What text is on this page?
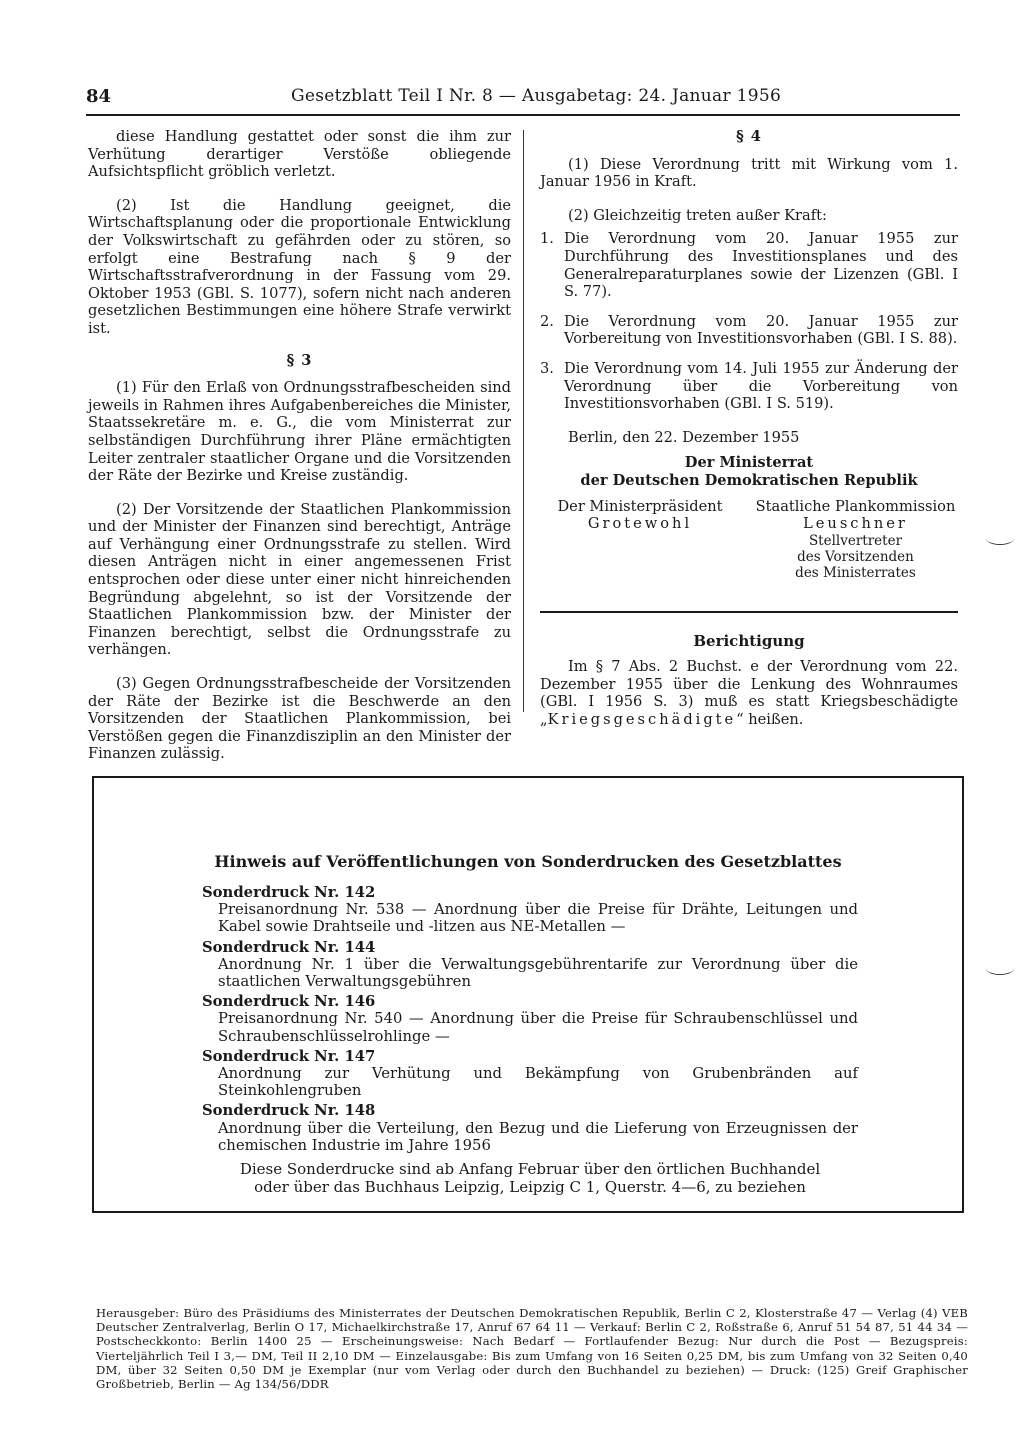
84	Gesetzblatt Teil I Nr. 8 — Ausgabetag: 24. Januar 1956

diese Handlung gestattet oder sonst die ihm zur Verhütung derartiger Verstöße obliegende Aufsichtspflicht gröblich verletzt.

(2) Ist die Handlung geeignet, die Wirtschaftsplanung oder die proportionale Entwicklung der Volkswirtschaft zu gefährden oder zu stören, so erfolgt eine Bestrafung nach § 9 der Wirtschaftsstrafverordnung in der Fassung vom 29. Oktober 1953 (GBl. S. 1077), sofern nicht nach anderen gesetzlichen Bestimmungen eine höhere Strafe verwirkt ist.

§ 3

(1) Für den Erlaß von Ordnungsstrafbescheiden sind jeweils in Rahmen ihres Aufgabenbereiches die Minister, Staatssekretäre m. e. G., die vom Ministerrat zur selbständigen Durchführung ihrer Pläne ermächtigten Leiter zentraler staatlicher Organe und die Vorsitzenden der Räte der Bezirke und Kreise zuständig.

(2) Der Vorsitzende der Staatlichen Plankommission und der Minister der Finanzen sind berechtigt, Anträge auf Verhängung einer Ordnungsstrafe zu stellen. Wird diesen Anträgen nicht in einer angemessenen Frist entsprochen oder diese unter einer nicht hinreichenden Begründung abgelehnt, so ist der Vorsitzende der Staatlichen Plankommission bzw. der Minister der Finanzen berechtigt, selbst die Ordnungsstrafe zu verhängen.

(3) Gegen Ordnungsstrafbescheide der Vorsitzenden der Räte der Bezirke ist die Beschwerde an den Vorsitzenden der Staatlichen Plankommission, bei Verstößen gegen die Finanzdisziplin an den Minister der Finanzen zulässig.

§ 4

(1) Diese Verordnung tritt mit Wirkung vom 1. Januar 1956 in Kraft.

(2) Gleichzeitig treten außer Kraft:

1. Die Verordnung vom 20. Januar 1955 zur Durchführung des Investitionsplanes und des Generalreparaturplanes sowie der Lizenzen (GBl. I S. 77).
2. Die Verordnung vom 20. Januar 1955 zur Vorbereitung von Investitionsvorhaben (GBl. I S. 88).
3. Die Verordnung vom 14. Juli 1955 zur Änderung der Verordnung über die Vorbereitung von Investitionsvorhaben (GBl. I S. 519).

Berlin, den 22. Dezember 1955

Der Ministerrat

der Deutschen Demokratischen Republik

Der Ministerpräsident
Grotewohl
Staatliche Plankommission
Leuschner
Stellvertreter
des Vorsitzenden
des Ministerrates

Berichtigung

Im § 7 Abs. 2 Buchst. e der Verordnung vom 22. Dezember 1955 über die Lenkung des Wohnraumes (GBl. I 1956 S. 3) muß es statt Kriegsbeschädigte „Kriegsgeschädigte“ heißen.

Hinweis auf Veröffentlichungen von Sonderdrucken des Gesetzblattes

Sonderdruck Nr. 142

Preisanordnung Nr. 538 — Anordnung über die Preise für Drähte, Leitungen und Kabel sowie Drahtseile und -litzen aus NE-Metallen —

Sonderdruck Nr. 144

Anordnung Nr. 1 über die Verwaltungsgebührentarife zur Verordnung über die staatlichen Verwaltungsgebühren

Sonderdruck Nr. 146

Preisanordnung Nr. 540 — Anordnung über die Preise für Schraubenschlüssel und Schraubenschlüsselrohlinge —

Sonderdruck Nr. 147

Anordnung zur Verhütung und Bekämpfung von Grubenbränden auf Steinkohlengruben

Sonderdruck Nr. 148

Anordnung über die Verteilung, den Bezug und die Lieferung von Erzeugnissen der chemischen Industrie im Jahre 1956

Diese Sonderdrucke sind ab Anfang Februar über den örtlichen Buchhandel

oder über das Buchhaus Leipzig, Leipzig C 1, Querstr. 4—6, zu beziehen

Herausgeber: Büro des Präsidiums des Ministerrates der Deutschen Demokratischen Republik, Berlin C 2, Klosterstraße 47 — Verlag (4) VEB Deutscher Zentralverlag, Berlin O 17, Michaelkirchstraße 17, Anruf 67 64 11 — Verkauf: Berlin C 2, Roßstraße 6, Anruf 51 54 87, 51 44 34 — Postscheckkonto: Berlin 1400 25 — Erscheinungsweise: Nach Bedarf — Fortlaufender Bezug: Nur durch die Post — Bezugspreis: Vierteljährlich Teil I 3,— DM, Teil II 2,10 DM — Einzelausgabe: Bis zum Umfang von 16 Seiten 0,25 DM, bis zum Umfang von 32 Seiten 0,40 DM, über 32 Seiten 0,50 DM je Exemplar (nur vom Verlag oder durch den Buchhandel zu beziehen) — Druck: (125) Greif Graphischer Großbetrieb, Berlin — Ag 134/56/DDR
